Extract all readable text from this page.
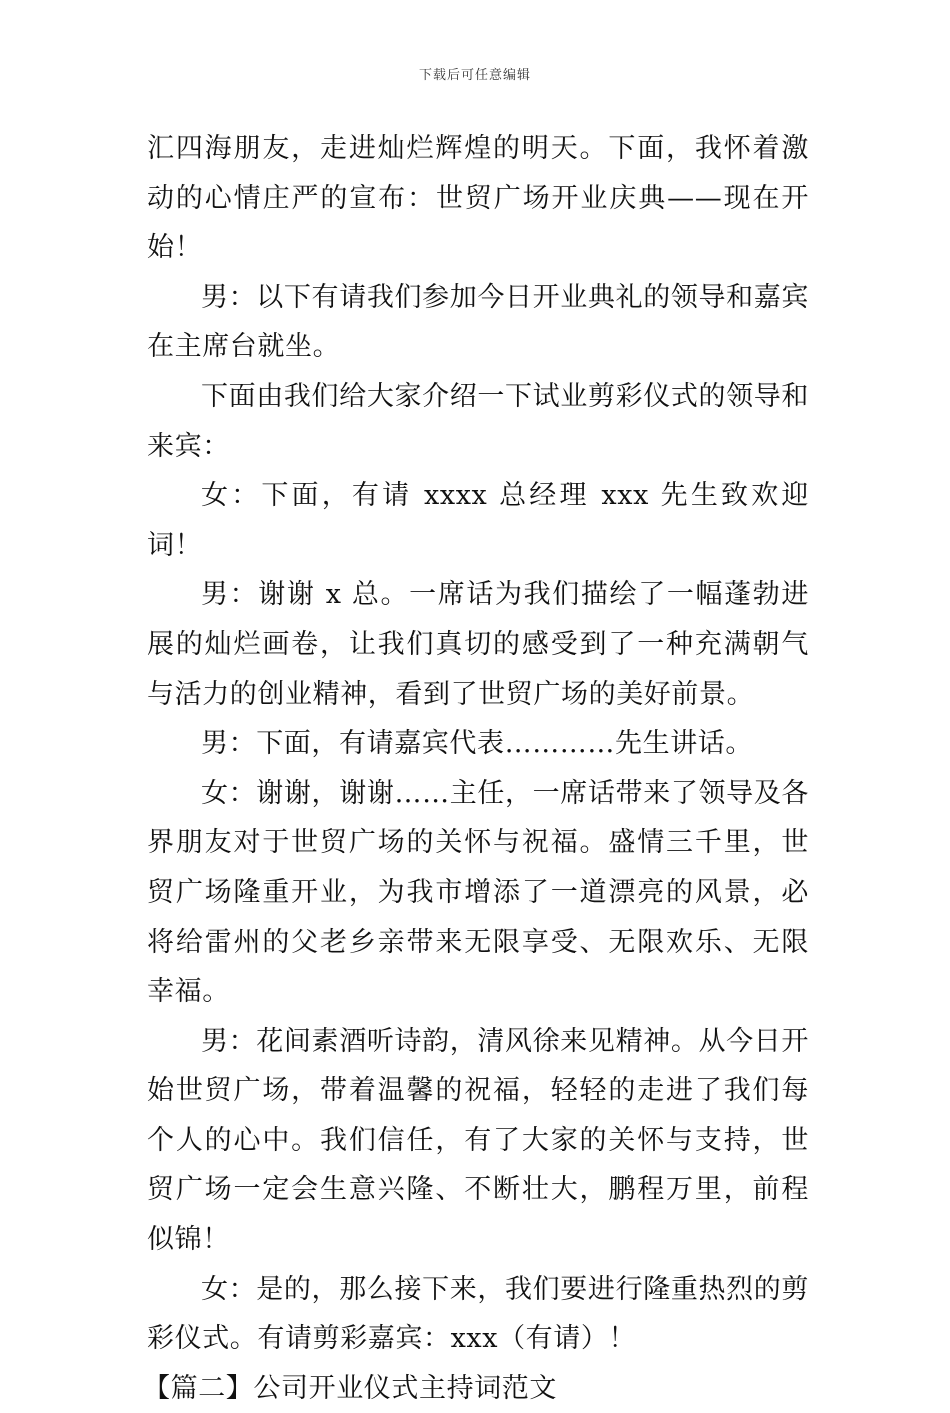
下载后可任意编辑

汇四海朋友，走进灿烂辉煌的明天。下面，我怀着激动的心情庄严的宣布：世贸广场开业庆典——现在开始！

男：以下有请我们参加今日开业典礼的领导和嘉宾在主席台就坐。

下面由我们给大家介绍一下试业剪彩仪式的领导和来宾：

女：下面，有请 xxxx 总经理 xxx 先生致欢迎词！

男：谢谢 x 总。一席话为我们描绘了一幅蓬勃进展的灿烂画卷，让我们真切的感受到了一种充满朝气与活力的创业精神，看到了世贸广场的美好前景。

男：下面，有请嘉宾代表…………先生讲话。

女：谢谢，谢谢……主任，一席话带来了领导及各界朋友对于世贸广场的关怀与祝福。盛情三千里，世贸广场隆重开业，为我市增添了一道漂亮的风景，必将给雷州的父老乡亲带来无限享受、无限欢乐、无限幸福。

男：花间素酒听诗韵，清风徐来见精神。从今日开始世贸广场，带着温馨的祝福，轻轻的走进了我们每个人的心中。我们信任，有了大家的关怀与支持，世贸广场一定会生意兴隆、不断壮大，鹏程万里，前程似锦！

女：是的，那么接下来，我们要进行隆重热烈的剪彩仪式。有请剪彩嘉宾：xxx（有请）！

【篇二】公司开业仪式主持词范文
